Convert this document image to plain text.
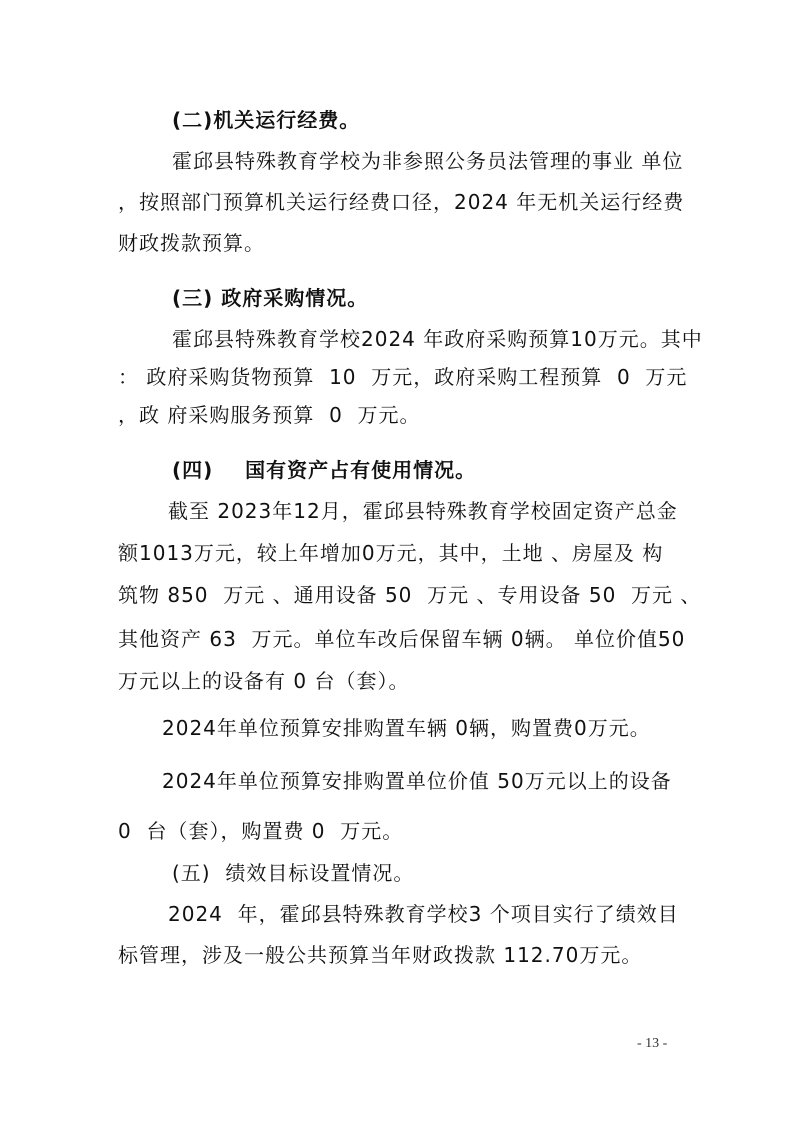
(二)机关运行经费。
霍邱县特殊教育学校为非参照公务员法管理的事业 单位
，按照部门预算机关运行经费口径，2024 年无机关运行经费
财政拨款预算。
(三) 政府采购情况。
霍邱县特殊教育学校2024 年政府采购预算10万元。其中
： 政府采购货物预算  10  万元，政府采购工程预算  0  万元
，政 府采购服务预算  0  万元。
(四)    国有资产占有使用情况。
截至 2023年12月，霍邱县特殊教育学校固定资产总金
额1013万元，较上年增加0万元，其中，土地 、房屋及 构
筑物 850  万元 、通用设备 50  万元 、专用设备 50  万元 、
其他资产 63  万元。单位车改后保留车辆 0辆。 单位价值50
万元以上的设备有 0 台（套）。
2024年单位预算安排购置车辆 0辆，购置费0万元。
2024年单位预算安排购置单位价值 50万元以上的设备
0  台（套），购置费 0  万元。
(五)  绩效目标设置情况。
2024  年，霍邱县特殊教育学校3 个项目实行了绩效目
标管理，涉及一般公共预算当年财政拨款 112.70万元。
- 13 -
